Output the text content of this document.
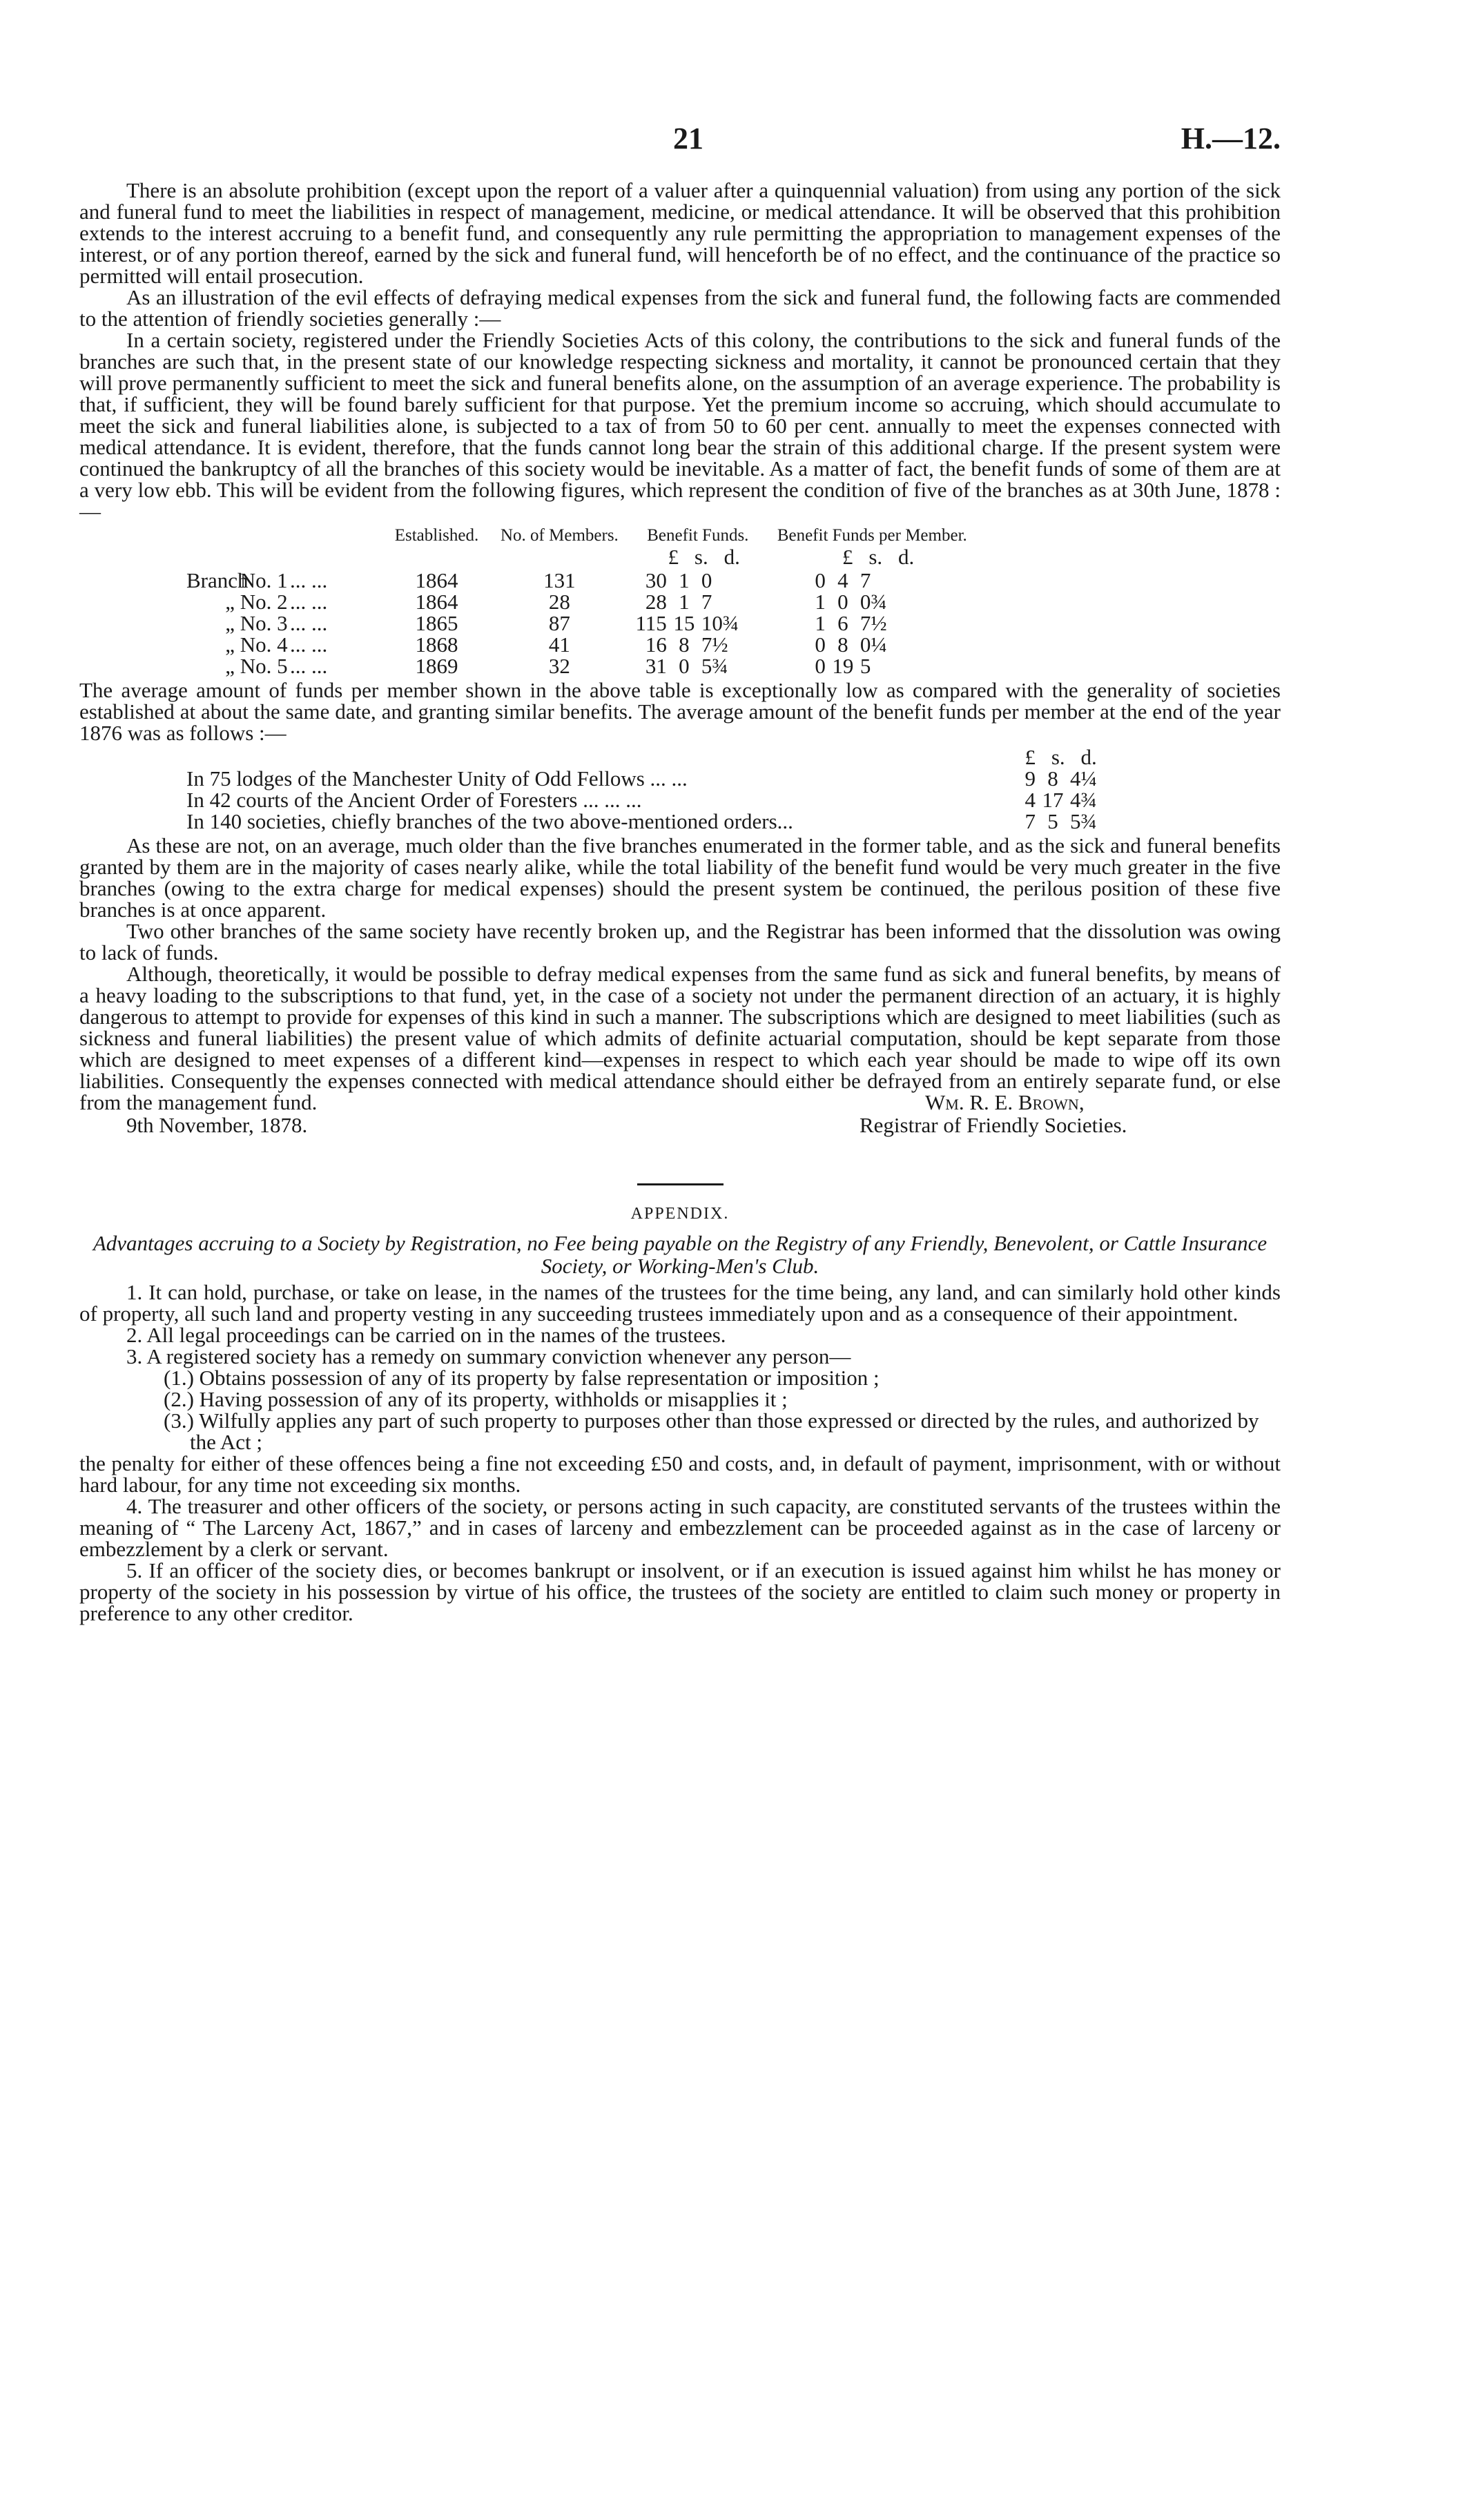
21	H.—12.

There is an absolute prohibition (except upon the report of a valuer after a quinquennial valuation) from using any portion of the sick and funeral fund to meet the liabilities in respect of management, medicine, or medical attendance. It will be observed that this prohibition extends to the interest accruing to a benefit fund, and consequently any rule permitting the appropriation to management expenses of the interest, or of any portion thereof, earned by the sick and funeral fund, will henceforth be of no effect, and the continuance of the practice so permitted will entail prosecution.

As an illustration of the evil effects of defraying medical expenses from the sick and funeral fund, the following facts are commended to the attention of friendly societies generally :—

In a certain society, registered under the Friendly Societies Acts of this colony, the contributions to the sick and funeral funds of the branches are such that, in the present state of our knowledge respecting sickness and mortality, it cannot be pronounced certain that they will prove permanently sufficient to meet the sick and funeral benefits alone, on the assumption of an average experience. The probability is that, if sufficient, they will be found barely sufficient for that purpose. Yet the premium income so accruing, which should accumulate to meet the sick and funeral liabilities alone, is subjected to a tax of from 50 to 60 per cent. annually to meet the expenses connected with medical attendance. It is evident, therefore, that the funds cannot long bear the strain of this additional charge. If the present system were continued the bankruptcy of all the branches of this society would be inevitable. As a matter of fact, the benefit funds of some of them are at a very low ebb. This will be evident from the following figures, which represent the condition of five of the branches as at 30th June, 1878 :—

		Established.	No. of Members.	Benefit Funds.	Benefit Funds per Member.
				£ s. d.	£ s. d.
Branch No. 1	... ...	1864	131	30 1 0	0 4 7
„ No. 2	... ...	1864	28	28 1 7	1 0 0¾
„ No. 3	... ...	1865	87	115 15 10¾	1 6 7½
„ No. 4	... ...	1868	41	16 8 7½	0 8 0¼
„ No. 5	... ...	1869	32	31 0 5¾	0 19 5

The average amount of funds per member shown in the above table is exceptionally low as compared with the generality of societies established at about the same date, and granting similar benefits. The average amount of the benefit funds per member at the end of the year 1876 was as follows :—

	£ s. d.
In 75 lodges of the Manchester Unity of Odd Fellows ... ...	9 8 4¼
In 42 courts of the Ancient Order of Foresters ... ... ...	4 17 4¾
In 140 societies, chiefly branches of the two above-mentioned orders...	7 5 5¾

As these are not, on an average, much older than the five branches enumerated in the former table, and as the sick and funeral benefits granted by them are in the majority of cases nearly alike, while the total liability of the benefit fund would be very much greater in the five branches (owing to the extra charge for medical expenses) should the present system be continued, the perilous position of these five branches is at once apparent.

Two other branches of the same society have recently broken up, and the Registrar has been informed that the dissolution was owing to lack of funds.

Although, theoretically, it would be possible to defray medical expenses from the same fund as sick and funeral benefits, by means of a heavy loading to the subscriptions to that fund, yet, in the case of a society not under the permanent direction of an actuary, it is highly dangerous to attempt to provide for expenses of this kind in such a manner. The subscriptions which are designed to meet liabilities (such as sickness and funeral liabilities) the present value of which admits of definite actuarial computation, should be kept separate from those which are designed to meet expenses of a different kind—expenses in respect to which each year should be made to wipe off its own liabilities. Consequently the expenses connected with medical attendance should either be defrayed from an entirely separate fund, or else from the management fund.	Wm. R. E. Brown,
9th November, 1878.	Registrar of Friendly Societies.
APPENDIX.
Advantages accruing to a Society by Registration, no Fee being payable on the Registry of any Friendly, Benevolent, or Cattle Insurance Society, or Working-Men's Club.

1. It can hold, purchase, or take on lease, in the names of the trustees for the time being, any land, and can similarly hold other kinds of property, all such land and property vesting in any succeeding trustees immediately upon and as a consequence of their appointment.

2. All legal proceedings can be carried on in the names of the trustees.

3. A registered society has a remedy on summary conviction whenever any person—

(1.) Obtains possession of any of its property by false representation or imposition ;

(2.) Having possession of any of its property, withholds or misapplies it ;

(3.) Wilfully applies any part of such property to purposes other than those expressed or directed by the rules, and authorized by the Act ;

the penalty for either of these offences being a fine not exceeding £50 and costs, and, in default of payment, imprisonment, with or without hard labour, for any time not exceeding six months.

4. The treasurer and other officers of the society, or persons acting in such capacity, are constituted servants of the trustees within the meaning of “ The Larceny Act, 1867,” and in cases of larceny and embezzlement can be proceeded against as in the case of larceny or embezzlement by a clerk or servant.

5. If an officer of the society dies, or becomes bankrupt or insolvent, or if an execution is issued against him whilst he has money or property of the society in his possession by virtue of his office, the trustees of the society are entitled to claim such money or property in preference to any other creditor.
